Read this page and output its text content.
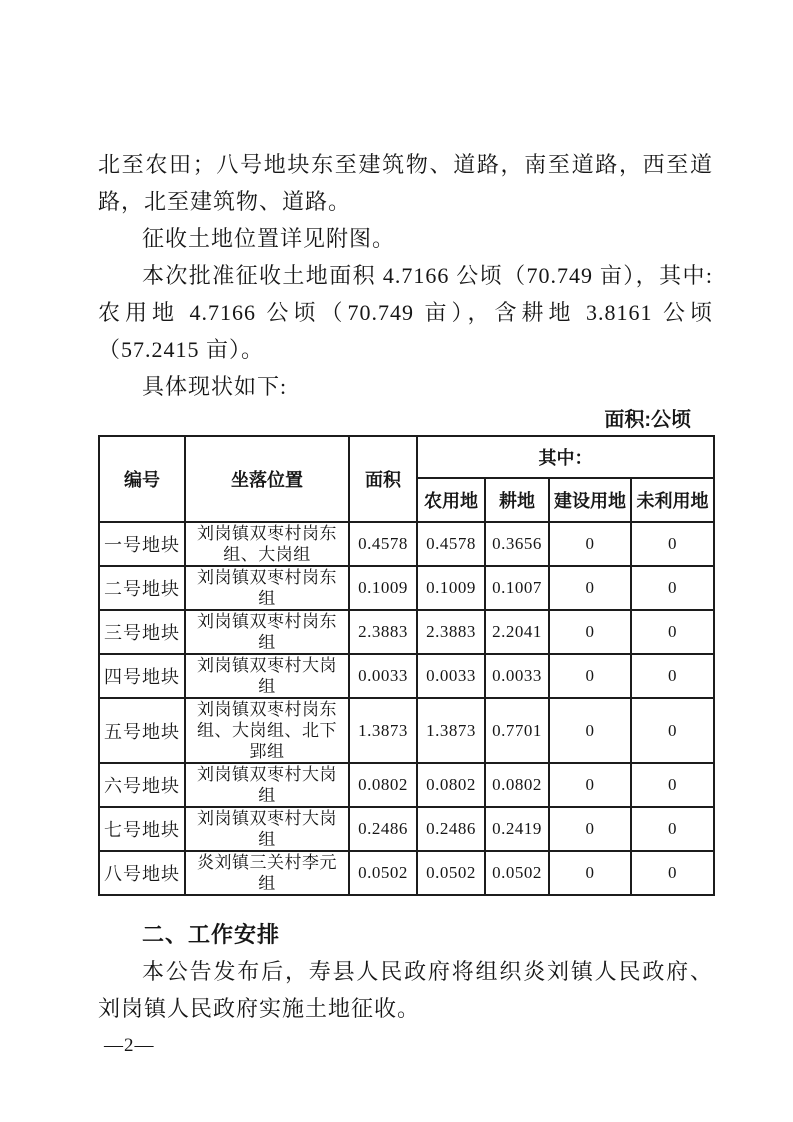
北至农田；八号地块东至建筑物、道路，南至道路，西至道路，北至建筑物、道路。

征收土地位置详见附图。

本次批准征收土地面积 4.7166 公顷（70.749 亩），其中:农用地 4.7166 公顷（70.749 亩），含耕地 3.8161 公顷（57.2415 亩）。

具体现状如下:

面积:公顷
编号	坐落位置	面积	其中：			
			农用地	耕地	建设用地	未利用地
一号地块	刘岗镇双枣村岗东组、大岗组	0.4578	0.4578	0.3656	0	0
二号地块	刘岗镇双枣村岗东组	0.1009	0.1009	0.1007	0	0
三号地块	刘岗镇双枣村岗东组	2.3883	2.3883	2.2041	0	0
四号地块	刘岗镇双枣村大岗组	0.0033	0.0033	0.0033	0	0
五号地块	刘岗镇双枣村岗东组、大岗组、北下郢组	1.3873	1.3873	0.7701	0	0
六号地块	刘岗镇双枣村大岗组	0.0802	0.0802	0.0802	0	0
七号地块	刘岗镇双枣村大岗组	0.2486	0.2486	0.2419	0	0
八号地块	炎刘镇三关村李元组	0.0502	0.0502	0.0502	0	0
二、工作安排

本公告发布后，寿县人民政府将组织炎刘镇人民政府、刘岗镇人民政府实施土地征收。

—2—
